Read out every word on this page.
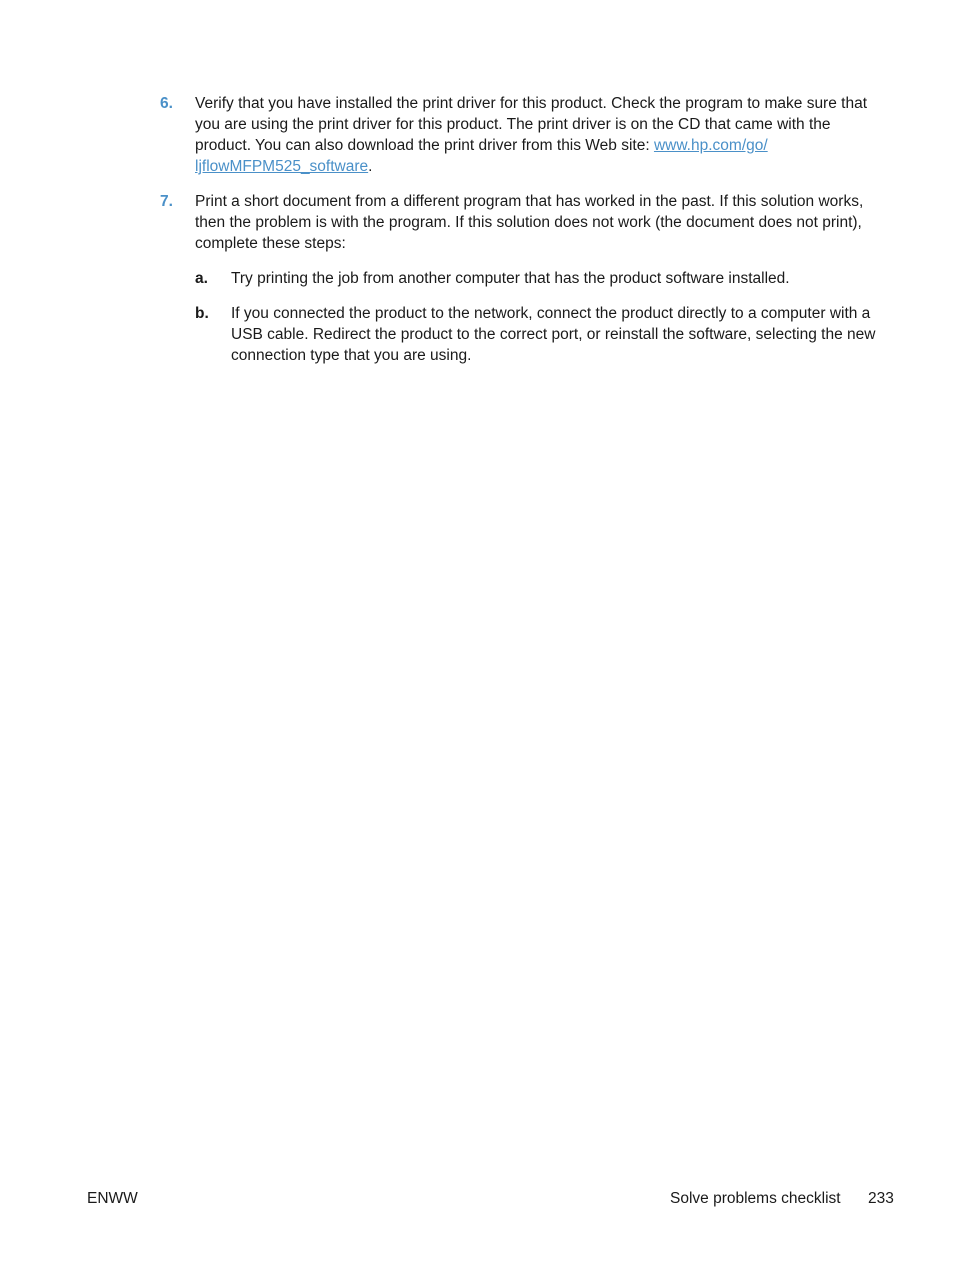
6. Verify that you have installed the print driver for this product. Check the program to make sure that you are using the print driver for this product. The print driver is on the CD that came with the product. You can also download the print driver from this Web site: www.hp.com/go/
ljflowMFPM525_software.
7. Print a short document from a different program that has worked in the past. If this solution works, then the problem is with the program. If this solution does not work (the document does not print), complete these steps:
a. Try printing the job from another computer that has the product software installed.
b. If you connected the product to the network, connect the product directly to a computer with a USB cable. Redirect the product to the correct port, or reinstall the software, selecting the new connection type that you are using.
ENWW	Solve problems checklist 233
